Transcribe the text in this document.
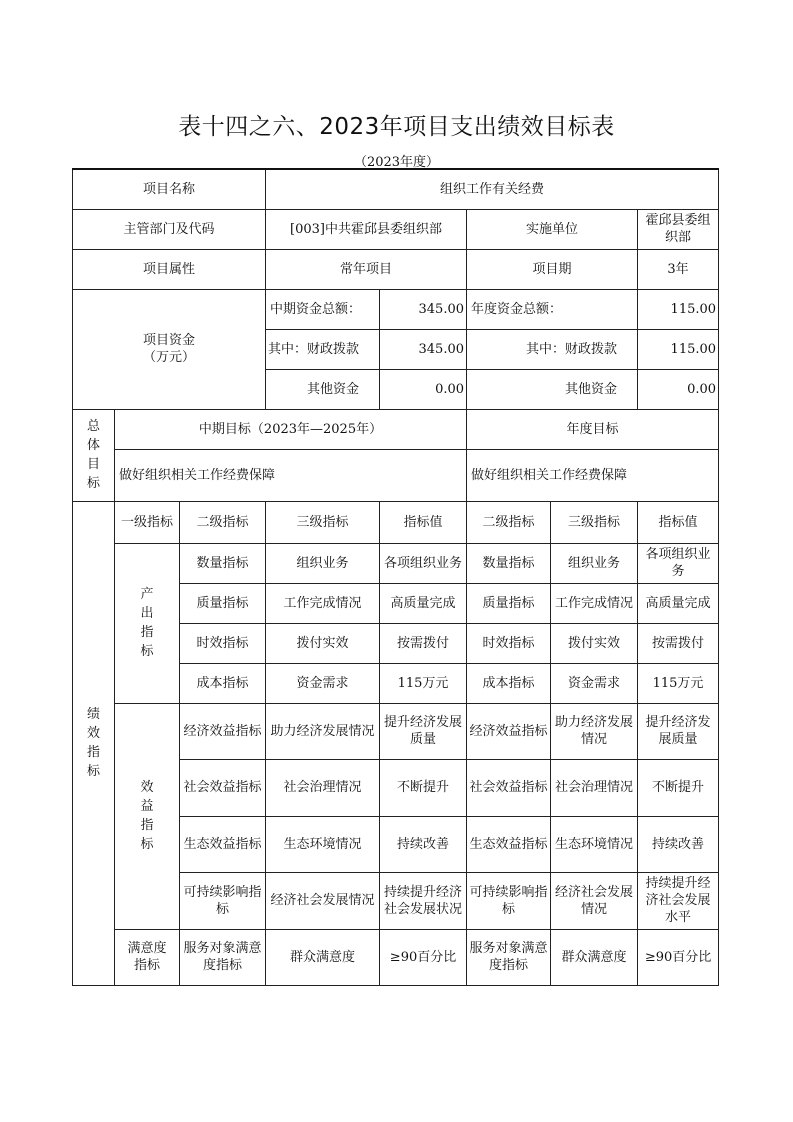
表十四之六、2023年项目支出绩效目标表
（2023年度）
项目名称			组织工作有关经费				
主管部门及代码			[003]中共霍邱县委组织部		实施单位		霍邱县委组织部
项目属性			常年项目		项目期		3年

项目资金
（万元）			中期资金总额：	345.00	年度资金总额：		115.00
			其中：财政拨款	345.00	其中：财政拨款		115.00
			其他资金	0.00	其他资金		0.00

总
体
目
标	中期目标（2023年—2025年）				年度目标		
	做好组织相关工作经费保障				做好组织相关工作经费保障		

绩
效
指
标	一级指标	二级指标	三级指标	指标值	二级指标	三级指标	指标值

	产
出
指
标	数量指标	组织业务	各项组织业务	数量指标	组织业务	各项组织业务
		质量指标	工作完成情况	高质量完成	质量指标	工作完成情况	高质量完成
		时效指标	拨付实效	按需拨付	时效指标	拨付实效	按需拨付
		成本指标	资金需求	115万元	成本指标	资金需求	115万元

	效
益
指
标	经济效益指标	助力经济发展情况	提升经济发展质量	经济效益指标	助力经济发展情况	提升经济发展质量
		社会效益指标	社会治理情况	不断提升	社会效益指标	社会治理情况	不断提升
		生态效益指标	生态环境情况	持续改善	生态效益指标	生态环境情况	持续改善
		可持续影响指标	经济社会发展情况	持续提升经济社会发展状况	可持续影响指标	经济社会发展情况	持续提升经济社会发展水平

	满意度
指标	服务对象满意度指标	群众满意度	≥90百分比	服务对象满意度指标	群众满意度	≥90百分比
